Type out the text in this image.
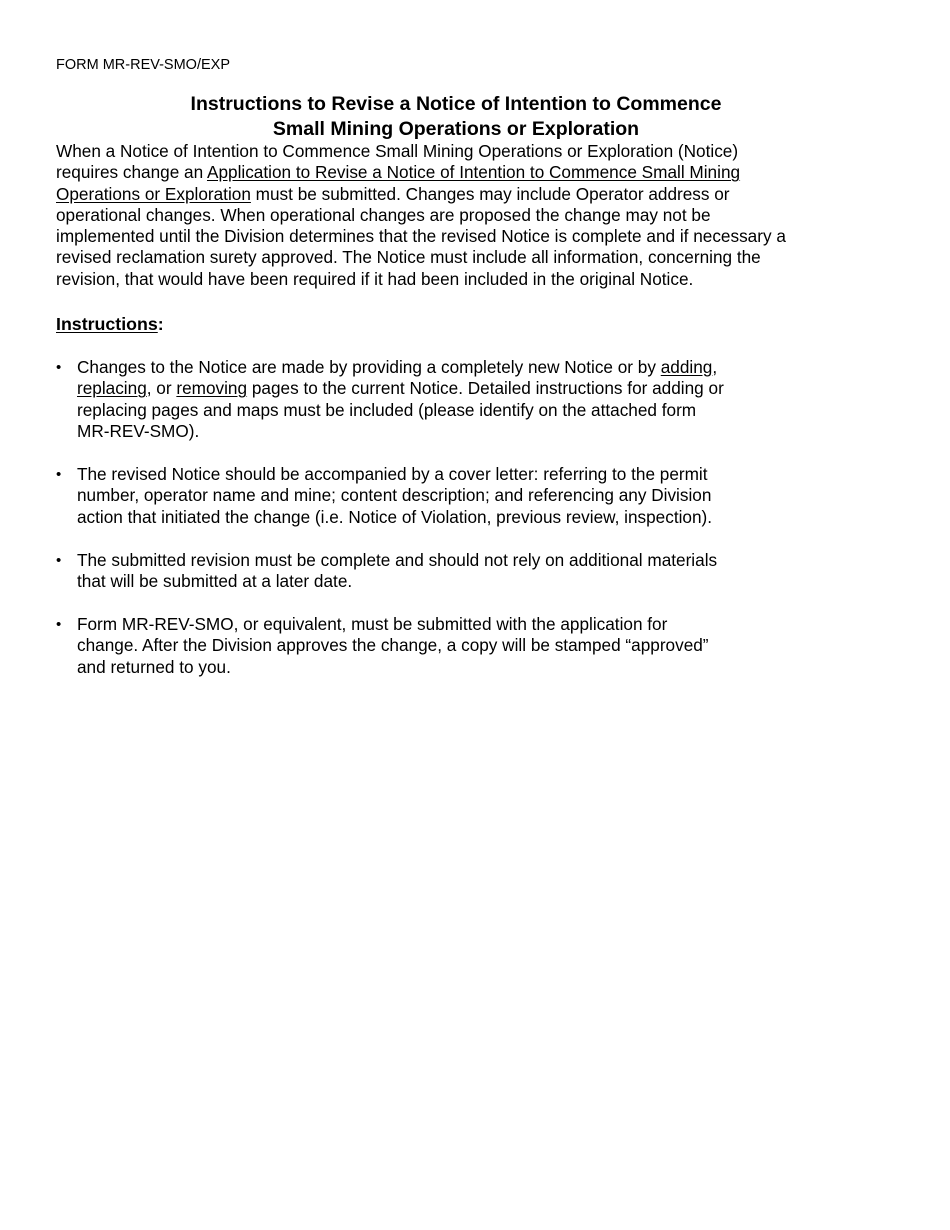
FORM MR-REV-SMO/EXP
Instructions to Revise a Notice of Intention to Commence
Small Mining Operations or Exploration
When a Notice of Intention to Commence Small Mining Operations or Exploration (Notice)
requires change an Application to Revise a Notice of Intention to Commence Small Mining
Operations or Exploration must be submitted. Changes may include Operator address or
operational changes. When operational changes are proposed the change may not be
implemented until the Division determines that the revised Notice is complete and if necessary a
revised reclamation surety approved. The Notice must include all information, concerning the
revision, that would have been required if it had been included in the original Notice.
Instructions:
• Changes to the Notice are made by providing a completely new Notice or by adding,
replacing, or removing pages to the current Notice. Detailed instructions for adding or
replacing pages and maps must be included (please identify on the attached form
MR-REV-SMO).
• The revised Notice should be accompanied by a cover letter: referring to the permit
number, operator name and mine; content description; and referencing any Division
action that initiated the change (i.e. Notice of Violation, previous review, inspection).
• The submitted revision must be complete and should not rely on additional materials
that will be submitted at a later date.
• Form MR-REV-SMO, or equivalent, must be submitted with the application for
change. After the Division approves the change, a copy will be stamped “approved”
and returned to you.
